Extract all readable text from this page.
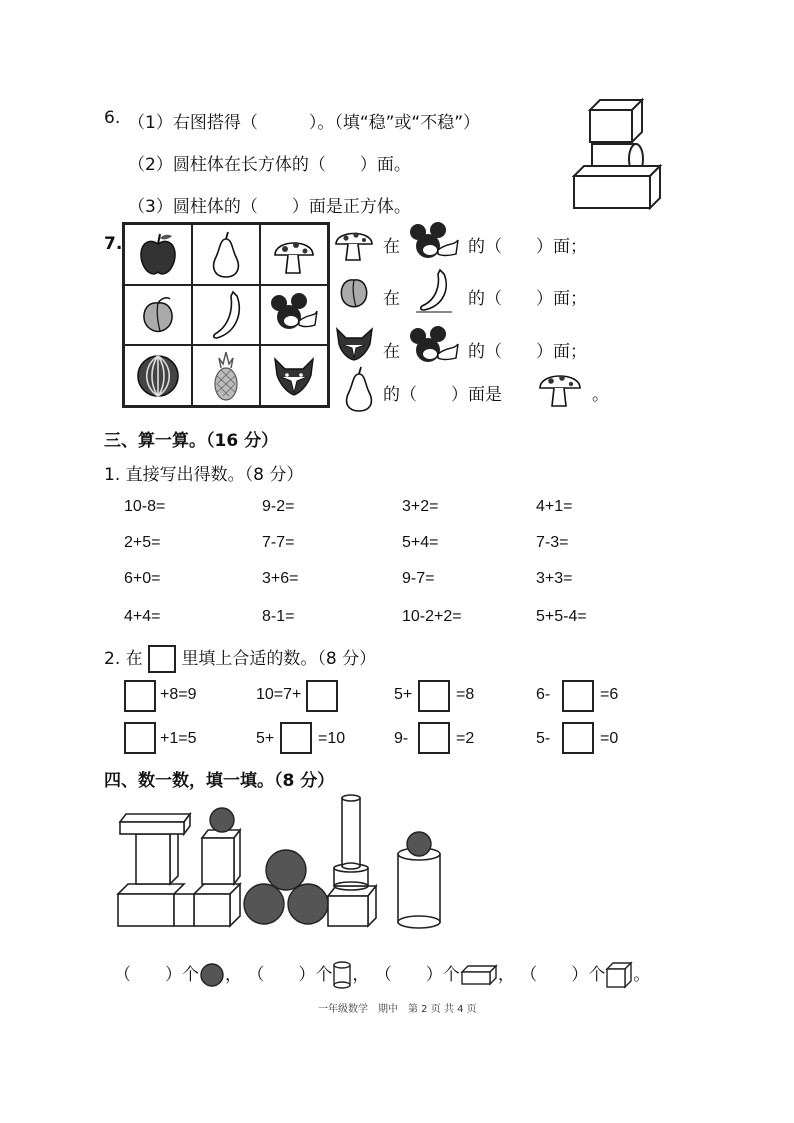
6. （1）右图搭得（　　　）。（填“稳”或“不稳”）
（2）圆柱体在长方体的（　　）面。
（3）圆柱体的（　　）面是正方体。
7.	在	的（　　）面；
在	的（　　）面；
在	的（　　）面；
的（　　）面是	。
三、算一算。（16 分）
1. 直接写出得数。（8 分）
10-8=	9-2=	3+2=	4+1=
2+5=	7-7=	5+4=	7-3=
6+0=	3+6=	9-7=	3+3=
4+4=	8-1=	10-2+2=	5+5-4=
2. 在 里填上合适的数。（8 分）
+8=9	10=7+	5+	=8	6-	=6
+1=5	5+	=10	9-	=2	5-	=0
四、数一数，填一填。（8 分）
（　　）个 ， （　　）个 ， （　　）个 ， （　　）个 。
一年级数学　期中　第 2 页 共 4 页
